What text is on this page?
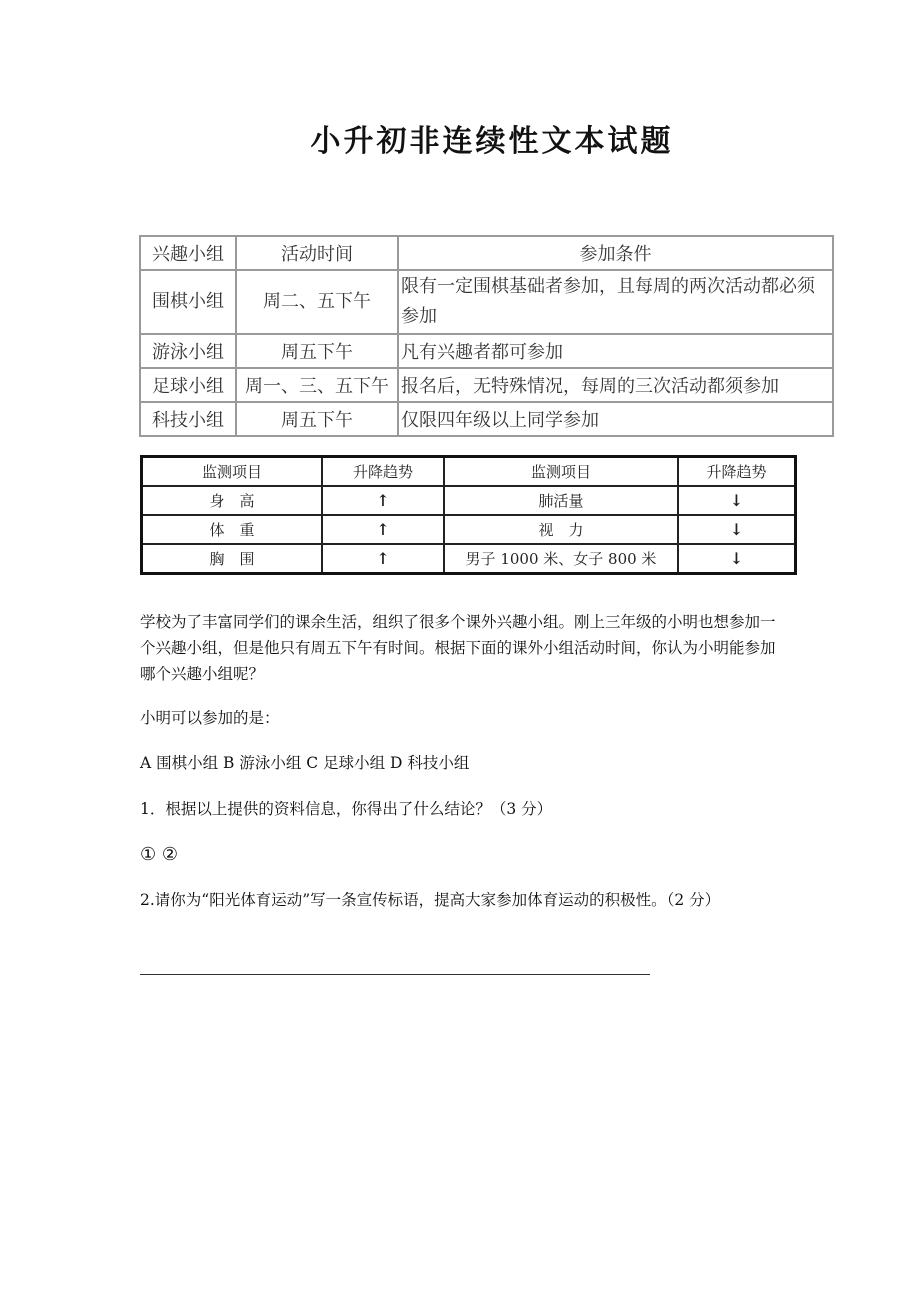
小升初非连续性文本试题
兴趣小组	活动时间	参加条件
围棋小组	周二、五下午	限有一定围棋基础者参加，且每周的两次活动都必须参加
游泳小组	周五下午	凡有兴趣者都可参加
足球小组	周一、三、五下午	报名后，无特殊情况，每周的三次活动都须参加
科技小组	周五下午	仅限四年级以上同学参加
监测项目	升降趋势	监测项目	升降趋势
身　高	↑	肺活量	↓
体　重	↑	视　力	↓
胸　围	↑	男子 1000 米、女子 800 米	↓
学校为了丰富同学们的课余生活，组织了很多个课外兴趣小组。刚上三年级的小明也想参加一个兴趣小组，但是他只有周五下午有时间。根据下面的课外小组活动时间，你认为小明能参加哪个兴趣小组呢？
小明可以参加的是：
A 围棋小组 B 游泳小组 C 足球小组 D 科技小组
1．根据以上提供的资料信息，你得出了什么结论？（3 分）
① ②
2.请你为“阳光体育运动”写一条宣传标语，提高大家参加体育运动的积极性。（2 分）
